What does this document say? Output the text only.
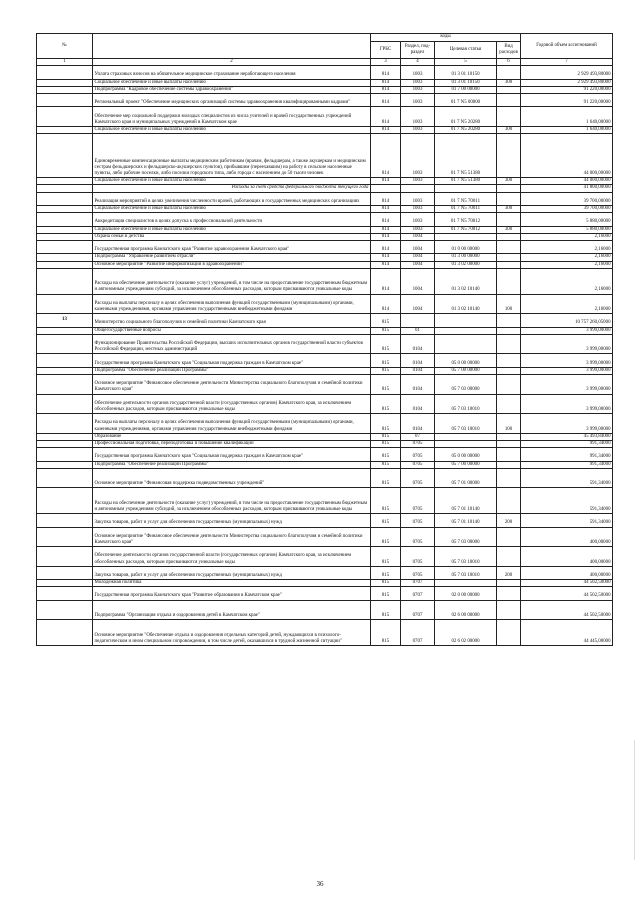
№		коды				Годовой объем ассигнований
		ГРБС	Раздел, под- раздел	Целевая статья	Вид расходов	
1	2	3	4	5	6	7
	Уплата страховых взносов на обязательное медицинское страхование неработающего населения	814	1003	01 3 01 10150		2 929 493,80000
	Социальное обеспечение и иные выплаты населению	814	1003	01 3 01 10150	300	2 929 493,80000
	Подпрограмма "Кадровое обеспечение системы здравоохранения"	814	1003	01 7 00 00000		91 220,00000
	Региональный проект "Обеспечение медицинских организаций системы здравоохранения квалифицированными кадрами"	814	1003	01 7 N5 00000		91 220,00000
	Обеспечение мер социальной поддержки молодых специалистов из числа учителей и врачей государственных учреждений Камчатского края и муниципальных учреждений в Камчатском крае	814	1003	01 7 N5 20280		1 640,00000
	Социальное обеспечение и иные выплаты населению	814	1003	01 7 N5 20280	300	1 640,00000
	Единовременные компенсационные выплаты медицинским работникам (врачам, фельдшерам, а также акушеркам и медицинским сестрам фельдшерских и фельдшерско-акушерских пунктов), прибывшим (переехавшим) на работу в сельские населенные пункты, либо рабочие поселки, либо поселки городского типа, либо города с населением до 50 тысяч человек	814	1003	01 7 N5 51380		44 000,00000
	Социальное обеспечение и иные выплаты населению	814	1003	01 7 N5 51380	300	44 000,00000
	Расходы за счет средств федерального бюджета текущего года					41 800,00000
	Реализация мероприятий в целях увеличения численности врачей, работающих в государственных медицинских организациях	814	1003	01 7 N5 70011		39 700,00000
	Социальное обеспечение и иные выплаты населению	814	1003	01 7 N5 70011	300	39 700,00000
	Аккредитация специалистов в целях допуска к профессиональной деятельности	814	1003	01 7 N5 70012		5 880,00000
	Социальное обеспечение и иные выплаты населению	814	1003	01 7 N5 70012	300	5 880,00000
	Охрана семьи и детства	814	1004			2,16000
	Государственная программа Камчатского края "Развитие здравоохранения Камчатского края"	814	1004	01 0 00 00000		2,16000
	Подпрограмма "Управление развитием отрасли"	814	1004	01 3 00 00000		2,16000
	Основное мероприятие "Развитие информатизации в здравоохранении"	814	1004	01 3 02 00000		2,16000
	Расходы на обеспечение деятельности (оказание услуг) учреждений, в том числе на предоставление государственным бюджетным и автономным учреждениям субсидий, за исключением обособленных расходов, которым присваиваются уникальные коды	814	1004	01 3 02 10140		2,16000
	Расходы на выплаты персоналу в целях обеспечения выполнения функций государственными (муниципальными) органами, казенными учреждениями, органами управления государственными внебюджетными фондами	814	1004	01 3 02 10140	100	2,16000
13	Министерство социального благополучия и семейной политики Камчатского края	815				10 757 260,05000
	Общегосударственные вопросы	815	01			3 999,00000
	Функционирование Правительства Российской Федерации, высших исполнительных органов государственной власти субъектов Российской Федерации, местных администраций	815	0104			3 999,00000
	Государственная программа Камчатского края "Социальная поддержка граждан в Камчатском крае"	815	0104	05 0 00 00000		3 999,00000
	Подпрограмма "Обеспечение реализации Программы"	815	0104	05 7 00 00000		3 999,00000
	Основное мероприятие "Финансовое обеспечение деятельности Министерства социального благополучия и семейной политики Камчатского края"	815	0104	05 7 03 00000		3 999,00000
	Обеспечение деятельности органов государственной власти (государственных органов) Камчатского края, за исключением обособленных расходов, которым присваиваются уникальные коды	815	0104	05 7 03 10010		3 999,00000
	Расходы на выплаты персоналу в целях обеспечения выполнения функций государственными (муниципальными) органами, казенными учреждениями, органами управления государственными внебюджетными фондами	815	0104	05 7 03 10010	100	3 999,00000
	Образование	815	07			45 493,84000
	Профессиональная подготовка, переподготовка и повышение квалификации	815	0705			991,34000
	Государственная программа Камчатского края "Социальная поддержка граждан в Камчатском крае"	815	0705	05 0 00 00000		991,34000
	Подпрограмма "Обеспечение реализации Программы"	815	0705	05 7 00 00000		991,34000
	Основное мероприятие "Финансовая поддержка подведомственных учреждений"	815	0705	05 7 01 00000		591,34000
	Расходы на обеспечение деятельности (оказание услуг) учреждений, в том числе на предоставление государственным бюджетным и автономным учреждениям субсидий, за исключением обособленных расходов, которым присваиваются уникальные коды	815	0705	05 7 01 10140		591,34000
	Закупка товаров, работ и услуг для обеспечения государственных (муниципальных) нужд	815	0705	05 7 01 10140	200	591,34000
	Основное мероприятие "Финансовое обеспечение деятельности Министерства социального благополучия и семейной политики Камчатского края"	815	0705	05 7 03 00000		400,00000
	Обеспечение деятельности органов государственной власти (государственных органов) Камчатского края, за исключением обособленных расходов, которым присваиваются уникальные коды	815	0705	05 7 03 10010		400,00000
	Закупка товаров, работ и услуг для обеспечения государственных (муниципальных) нужд	815	0705	05 7 03 10010	200	400,00000
	Молодежная политика	815	0707			44 502,50000
	Государственная программа Камчатского края "Развитие образования в Камчатском крае"	815	0707	02 0 00 00000		44 502,50000
	Подпрограмма "Организация отдыха и оздоровления детей в Камчатском крае"	815	0707	02 6 00 00000		44 502,50000
	Основное мероприятие "Обеспечение отдыха и оздоровления отдельных категорий детей, нуждающихся в психолого-педагогическом и ином специальном сопровождении, в том числе детей, оказавшихся в трудной жизненной ситуации"	815	0707	02 6 02 00000		44 445,00000
36
